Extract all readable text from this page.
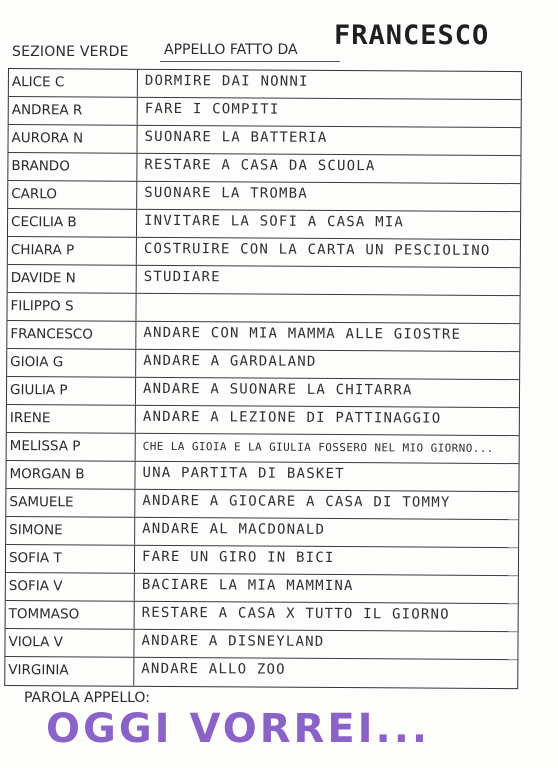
SEZIONE VERDE	APPELLO FATTO DA FRANCESCO
ALICE C	DORMIRE DAI NONNI
ANDREA R	FARE I COMPITI
AURORA N	SUONARE LA BATTERIA
BRANDO	RESTARE A CASA DA SCUOLA
CARLO	SUONARE LA TROMBA
CECILIA B	INVITARE LA SOFI A CASA MIA
CHIARA P	COSTRUIRE CON LA CARTA UN PESCIOLINO
DAVIDE N	STUDIARE
FILIPPO S
FRANCESCO	ANDARE CON MIA MAMMA ALLE GIOSTRE
GIOIA G	ANDARE A GARDALAND
GIULIA P	ANDARE A SUONARE LA CHITARRA
IRENE	ANDARE A LEZIONE DI PATTINAGGIO
MELISSA P	CHE LA GIOIA E LA GIULIA FOSSERO NEL MIO GIORNO...
MORGAN B	UNA PARTITA DI BASKET
SAMUELE	ANDARE A GIOCARE A CASA DI TOMMY
SIMONE	ANDARE AL MACDONALD
SOFIA T	FARE UN GIRO IN BICI
SOFIA V	BACIARE LA MIA MAMMINA
TOMMASO	RESTARE A CASA X TUTTO IL GIORNO
VIOLA V	ANDARE A DISNEYLAND
VIRGINIA	ANDARE ALLO ZOO
PAROLA APPELLO:
OGGI VORREI...
